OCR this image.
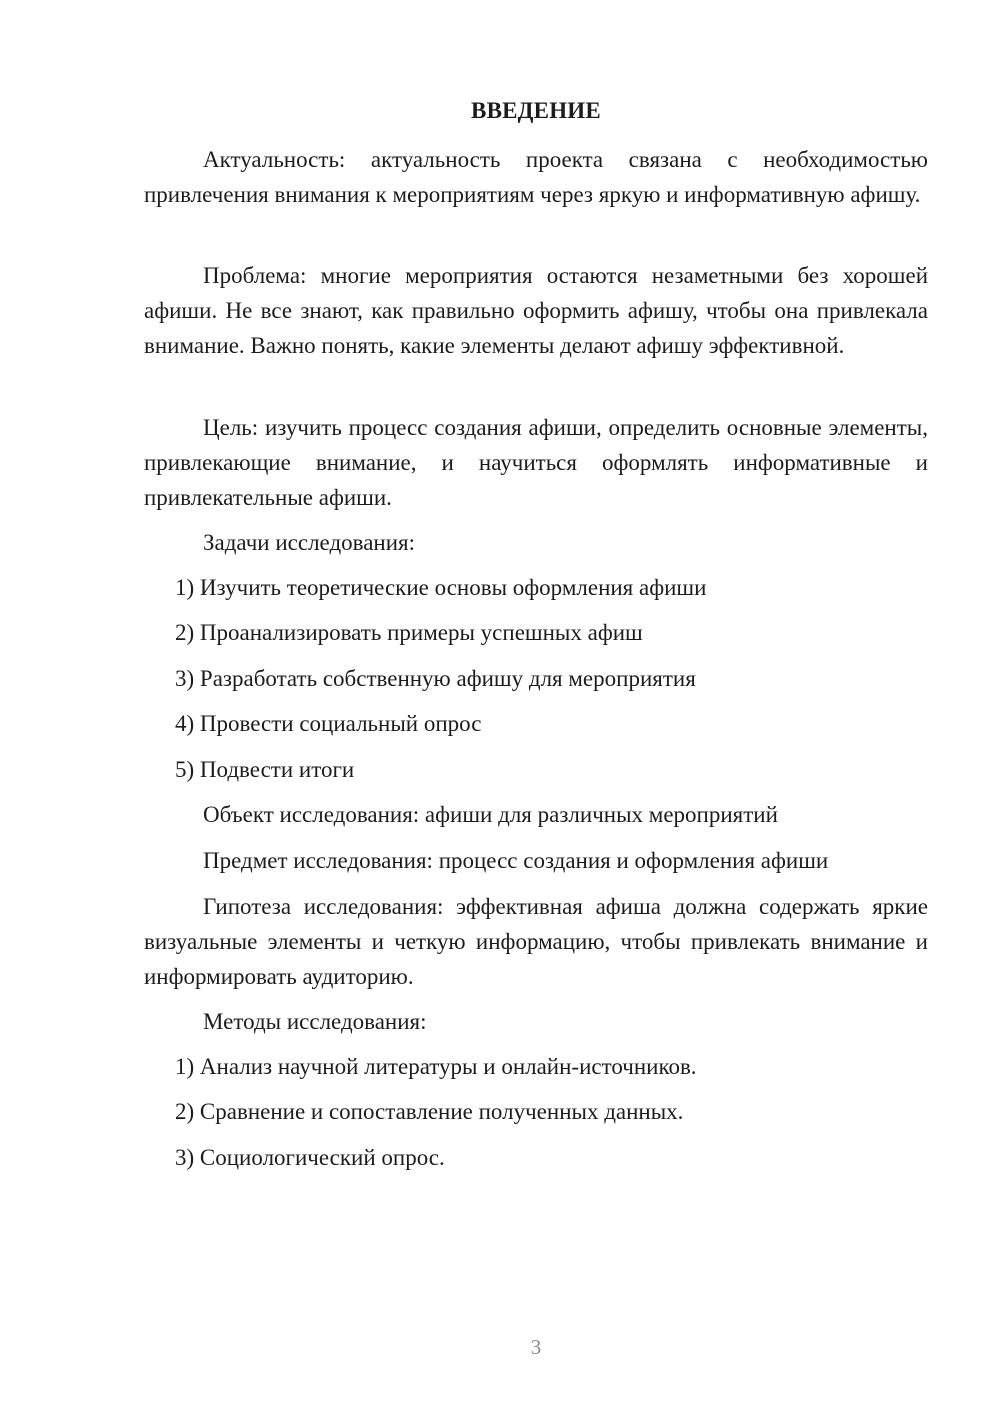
ВВЕДЕНИЕ

Актуальность: актуальность проекта связана с необходимостью привлечения внимания к мероприятиям через яркую и информативную афишу.

Проблема: многие мероприятия остаются незаметными без хорошей афиши. Не все знают, как правильно оформить афишу, чтобы она привлекала внимание. Важно понять, какие элементы делают афишу эффективной.

Цель: изучить процесс создания афиши, определить основные элементы, привлекающие внимание, и научиться оформлять информативные и привлекательные афиши.

Задачи исследования:

1) Изучить теоретические основы оформления афиши

2) Проанализировать примеры успешных афиш

3) Разработать собственную афишу для мероприятия

4) Провести социальный опрос

5) Подвести итоги

Объект исследования: афиши для различных мероприятий

Предмет исследования: процесс создания и оформления афиши

Гипотеза исследования: эффективная афиша должна содержать яркие визуальные элементы и четкую информацию, чтобы привлекать внимание и информировать аудиторию.

Методы исследования:

1) Анализ научной литературы и онлайн-источников.

2) Сравнение и сопоставление полученных данных.

3) Социологический опрос.

3
